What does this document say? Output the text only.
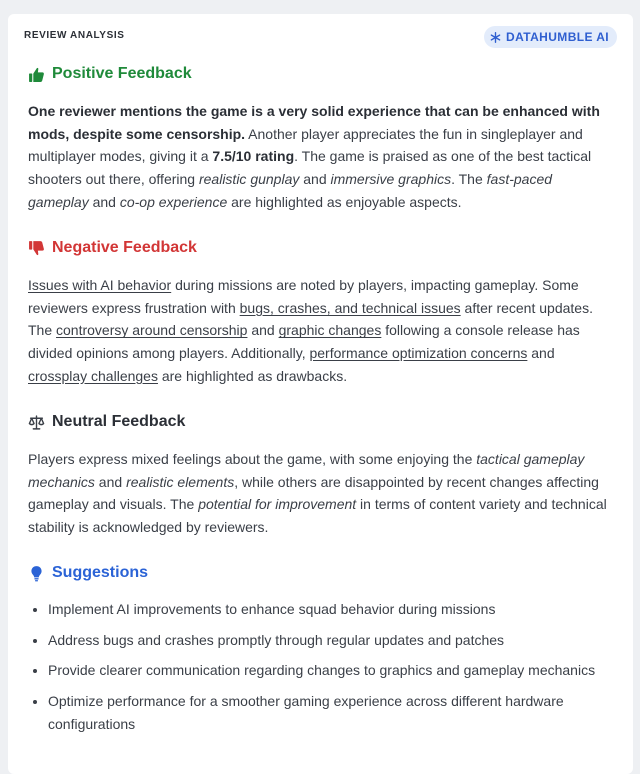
REVIEW ANALYSIS	DATAHUMBLE AI
Positive Feedback
One reviewer mentions the game is a very solid experience that can be enhanced with mods, despite some censorship. Another player appreciates the fun in singleplayer and multiplayer modes, giving it a 7.5/10 rating. The game is praised as one of the best tactical shooters out there, offering realistic gunplay and immersive graphics. The fast-paced gameplay and co-op experience are highlighted as enjoyable aspects.
Negative Feedback
Issues with AI behavior during missions are noted by players, impacting gameplay. Some reviewers express frustration with bugs, crashes, and technical issues after recent updates. The controversy around censorship and graphic changes following a console release has divided opinions among players. Additionally, performance optimization concerns and crossplay challenges are highlighted as drawbacks.
Neutral Feedback
Players express mixed feelings about the game, with some enjoying the tactical gameplay mechanics and realistic elements, while others are disappointed by recent changes affecting gameplay and visuals. The potential for improvement in terms of content variety and technical stability is acknowledged by reviewers.
Suggestions
• Implement AI improvements to enhance squad behavior during missions
• Address bugs and crashes promptly through regular updates and patches
• Provide clearer communication regarding changes to graphics and gameplay mechanics
• Optimize performance for a smoother gaming experience across different hardware configurations
